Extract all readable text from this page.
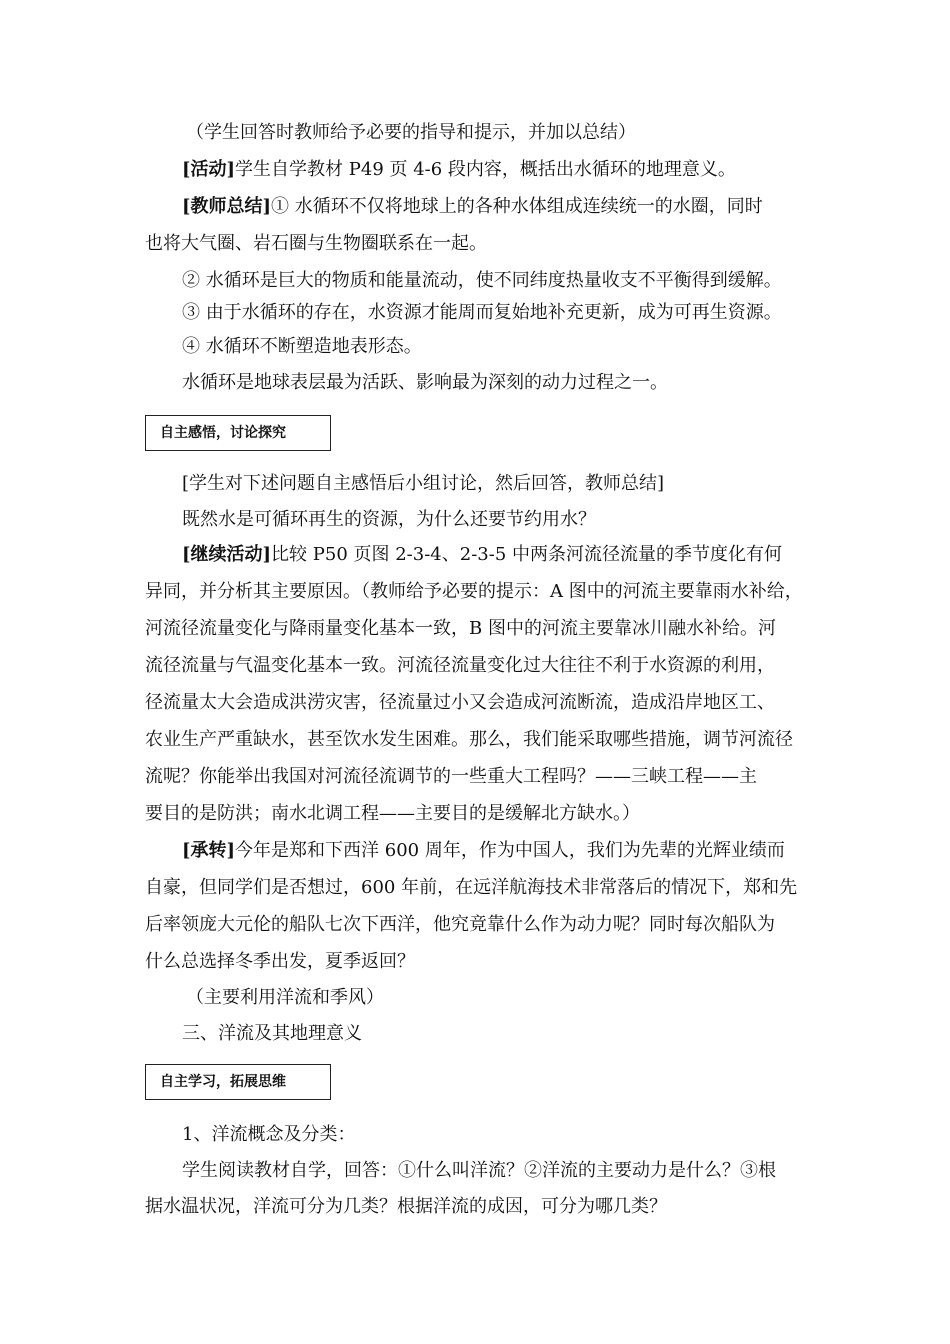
（学生回答时教师给予必要的指导和提示，并加以总结）
[活动]学生自学教材 P49 页 4-6 段内容，概括出水循环的地理意义。
[教师总结]① 水循环不仅将地球上的各种水体组成连续统一的水圈，同时
也将大气圈、岩石圈与生物圈联系在一起。
② 水循环是巨大的物质和能量流动，使不同纬度热量收支不平衡得到缓解。
③ 由于水循环的存在，水资源才能周而复始地补充更新，成为可再生资源。
④ 水循环不断塑造地表形态。
水循环是地球表层最为活跃、影响最为深刻的动力过程之一。
自主感悟，讨论探究
[学生对下述问题自主感悟后小组讨论，然后回答，教师总结]
既然水是可循环再生的资源，为什么还要节约用水？
[继续活动]比较 P50 页图 2-3-4、2-3-5 中两条河流径流量的季节度化有何
异同，并分析其主要原因。（教师给予必要的提示：A 图中的河流主要靠雨水补给，
河流径流量变化与降雨量变化基本一致，B 图中的河流主要靠冰川融水补给。河
流径流量与气温变化基本一致。河流径流量变化过大往往不利于水资源的利用，
径流量太大会造成洪涝灾害，径流量过小又会造成河流断流，造成沿岸地区工、
农业生产严重缺水，甚至饮水发生困难。那么，我们能采取哪些措施，调节河流径
流呢？你能举出我国对河流径流调节的一些重大工程吗？——三峡工程——主
要目的是防洪；南水北调工程——主要目的是缓解北方缺水。）
[承转]今年是郑和下西洋 600 周年，作为中国人，我们为先辈的光辉业绩而
自豪，但同学们是否想过，600 年前，在远洋航海技术非常落后的情况下，郑和先
后率领庞大元伦的船队七次下西洋，他究竟靠什么作为动力呢？同时每次船队为
什么总选择冬季出发，夏季返回？
（主要利用洋流和季风）
三、洋流及其地理意义
自主学习，拓展思维
1、洋流概念及分类：
学生阅读教材自学，回答：①什么叫洋流？②洋流的主要动力是什么？③根
据水温状况，洋流可分为几类？根据洋流的成因，可分为哪几类？
